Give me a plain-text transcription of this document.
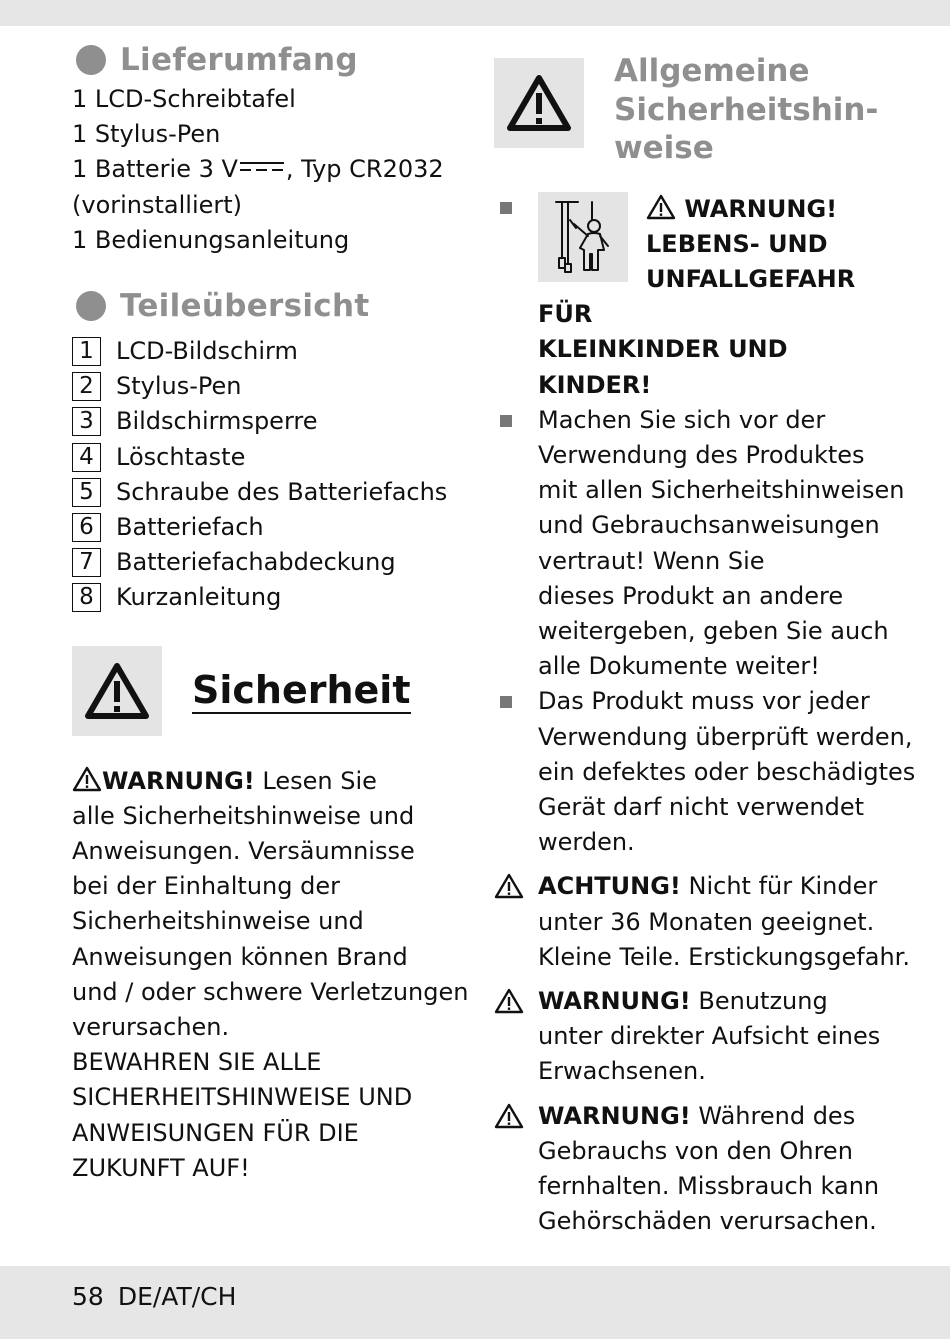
Lieferumfang
1 LCD-Schreibtafel
1 Stylus-Pen
1 Batterie 3 V , Typ CR2032
(vorinstalliert)
1 Bedienungsanleitung
Teileübersicht
1 LCD-Bildschirm
2 Stylus-Pen
3 Bildschirmsperre
4 Löschtaste
5 Schraube des Batteriefachs
6 Batteriefach
7 Batteriefachabdeckung
8 Kurzanleitung
Sicherheit
WARNUNG! Lesen Sie
alle Sicherheitshinweise und
Anweisungen. Versäumnisse
bei der Einhaltung der
Sicherheitshinweise und
Anweisungen können Brand
und / oder schwere Verletzungen
verursachen.
BEWAHREN SIE ALLE
SICHERHEITSHINWEISE UND
ANWEISUNGEN FÜR DIE
ZUKUNFT AUF!
Allgemeine
Sicherheitshin-
weise
WARNUNG!
LEBENS- UND
UNFALLGEFAHR
FÜR
KLEINKINDER UND
KINDER!
Machen Sie sich vor der
Verwendung des Produktes
mit allen Sicherheitshinweisen
und Gebrauchsanweisungen
vertraut! Wenn Sie
dieses Produkt an andere
weitergeben, geben Sie auch
alle Dokumente weiter!
Das Produkt muss vor jeder
Verwendung überprüft werden,
ein defektes oder beschädigtes
Gerät darf nicht verwendet
werden.
ACHTUNG! Nicht für Kinder
unter 36 Monaten geeignet.
Kleine Teile. Erstickungsgefahr.
WARNUNG! Benutzung
unter direkter Aufsicht eines
Erwachsenen.
WARNUNG! Während des
Gebrauchs von den Ohren
fernhalten. Missbrauch kann
Gehörschäden verursachen.
58 DE/AT/CH
